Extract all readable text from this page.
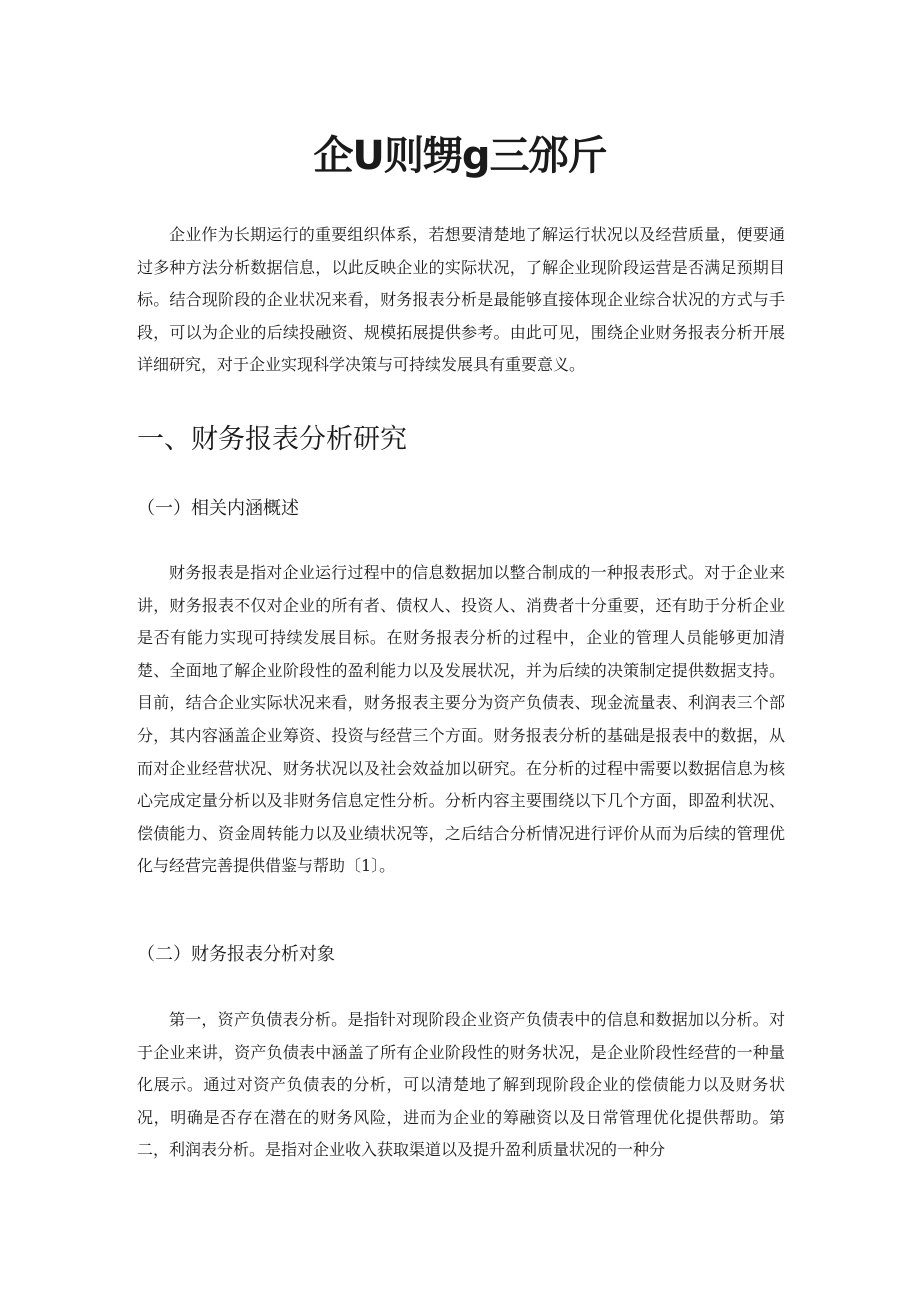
企U则甥g三邠斤

企业作为长期运行的重要组织体系，若想要清楚地了解运行状况以及经营质量，便要通过多种方法分析数据信息，以此反映企业的实际状况，了解企业现阶段运营是否满足预期目标。结合现阶段的企业状况来看，财务报表分析是最能够直接体现企业综合状况的方式与手段，可以为企业的后续投融资、规模拓展提供参考。由此可见，围绕企业财务报表分析开展详细研究，对于企业实现科学决策与可持续发展具有重要意义。

一、财务报表分析研究
（一）相关内涵概述

财务报表是指对企业运行过程中的信息数据加以整合制成的一种报表形式。对于企业来讲，财务报表不仅对企业的所有者、债权人、投资人、消费者十分重要，还有助于分析企业是否有能力实现可持续发展目标。在财务报表分析的过程中，企业的管理人员能够更加清楚、全面地了解企业阶段性的盈利能力以及发展状况，并为后续的决策制定提供数据支持。目前，结合企业实际状况来看，财务报表主要分为资产负债表、现金流量表、利润表三个部分，其内容涵盖企业筹资、投资与经营三个方面。财务报表分析的基础是报表中的数据，从而对企业经营状况、财务状况以及社会效益加以研究。在分析的过程中需要以数据信息为核心完成定量分析以及非财务信息定性分析。分析内容主要围绕以下几个方面，即盈利状况、偿债能力、资金周转能力以及业绩状况等，之后结合分析情况进行评价从而为后续的管理优化与经营完善提供借鉴与帮助〔1〕。

（二）财务报表分析对象

第一，资产负债表分析。是指针对现阶段企业资产负债表中的信息和数据加以分析。对于企业来讲，资产负债表中涵盖了所有企业阶段性的财务状况，是企业阶段性经营的一种量化展示。通过对资产负债表的分析，可以清楚地了解到现阶段企业的偿债能力以及财务状况，明确是否存在潜在的财务风险，进而为企业的筹融资以及日常管理优化提供帮助。第二，利润表分析。是指对企业收入获取渠道以及提升盈利质量状况的一种分
